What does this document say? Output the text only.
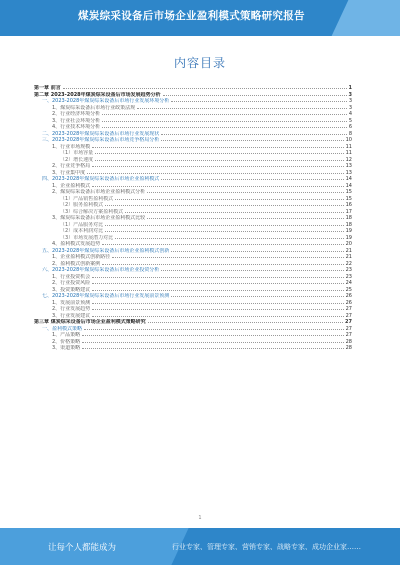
煤炭综采设备后市场企业盈利模式策略研究报告
内容目录
第一章 前言	1
第二章 2023-2028年煤炭综采设备后市场发展趋势分析	3
一、2023-2028年煤炭综采设备后市场行业发展环境分析	3
1、煤炭综采设备后市场行业政策法规	3
2、行业经济环境分析	4
3、行业社会环境分析	5
4、行业技术环境分析	6
二、2023-2028年煤炭综采设备后市场行业发展现状	8
三、2023-2028年煤炭综采设备后市场竞争格局分析	10
1、行业市场规模	11
（1）市场容量	11
（2）增长速度	12
2、行业竞争格局	13
3、行业集中度	13
四、2023-2028年煤炭综采设备后市场企业盈利模式	14
1、企业盈利模式	14
2、煤炭综采设备后市场企业盈利模式分析	15
（1）产品销售盈利模式	15
（2）服务盈利模式	16
（3）综合解决方案盈利模式	17
3、煤炭综采设备后市场企业盈利模式比较	18
（1）产品服务对比	18
（2）成本利润对比	19
（3）市场发展潜力对比	19
4、盈利模式发展趋势	20
五、2023-2028年煤炭综采设备后市场企业盈利模式创新	21
1、企业盈利模式创新路径	21
2、盈利模式创新案例	22
六、2023-2028年煤炭综采设备后市场企业投资分析	23
1、行业投资机会	23
2、行业投资风险	24
3、投资策略建议	25
七、2023-2028年煤炭综采设备后市场行业发展前景预测	26
1、发展前景预测	26
2、行业发展趋势	27
3、行业发展建议	27
第三章 煤炭综采设备后市场企业盈利模式策略研究	27
一、盈利模式策略	27
1、产品策略	27
2、价格策略	28
3、渠道策略	28
1
让每个人都能成为	行业专家、管理专家、营销专家、战略专家、成功企业家……
